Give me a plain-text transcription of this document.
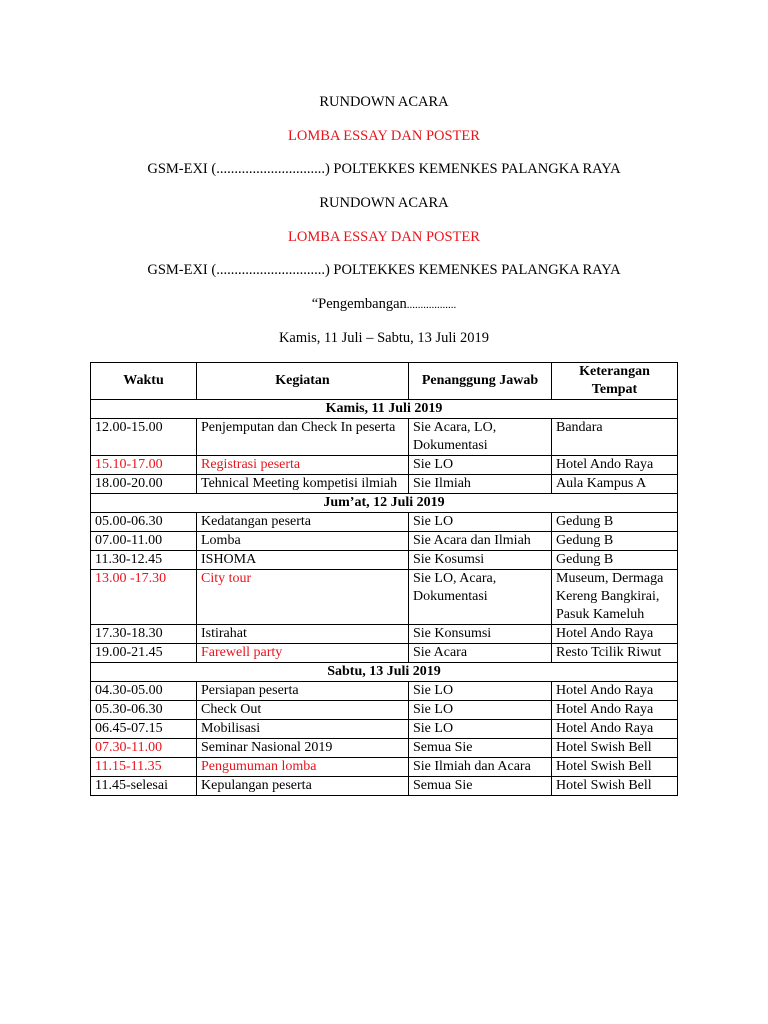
RUNDOWN ACARA
LOMBA ESSAY DAN POSTER
GSM-EXI (..............................) POLTEKKES KEMENKES PALANGKA RAYA
RUNDOWN ACARA
LOMBA ESSAY DAN POSTER
GSM-EXI (..............................) POLTEKKES KEMENKES PALANGKA RAYA
“Pengembangan..................
Kamis, 11 Juli – Sabtu, 13 Juli 2019
Waktu	Kegiatan	Penanggung Jawab	Keterangan Tempat
Kamis, 11 Juli 2019			
12.00-15.00	Penjemputan dan Check In peserta	Sie Acara, LO, Dokumentasi	Bandara
15.10-17.00	Registrasi peserta	Sie LO	Hotel Ando Raya
18.00-20.00	Tehnical Meeting kompetisi ilmiah	Sie Ilmiah	Aula Kampus A
Jum’at, 12 Juli 2019			
05.00-06.30	Kedatangan peserta	Sie LO	Gedung B
07.00-11.00	Lomba	Sie Acara dan Ilmiah	Gedung B
11.30-12.45	ISHOMA	Sie Kosumsi	Gedung B
13.00 -17.30	City tour	Sie LO, Acara, Dokumentasi	Museum, Dermaga Kereng Bangkirai, Pasuk Kameluh
17.30-18.30	Istirahat	Sie Konsumsi	Hotel Ando Raya
19.00-21.45	Farewell party	Sie Acara	Resto Tcilik Riwut
Sabtu, 13 Juli 2019			
04.30-05.00	Persiapan peserta	Sie LO	Hotel Ando Raya
05.30-06.30	Check Out	Sie LO	Hotel Ando Raya
06.45-07.15	Mobilisasi	Sie LO	Hotel Ando Raya
07.30-11.00	Seminar Nasional 2019	Semua Sie	Hotel Swish Bell
11.15-11.35	Pengumuman lomba	Sie Ilmiah dan Acara	Hotel Swish Bell
11.45-selesai	Kepulangan peserta	Semua Sie	Hotel Swish Bell
